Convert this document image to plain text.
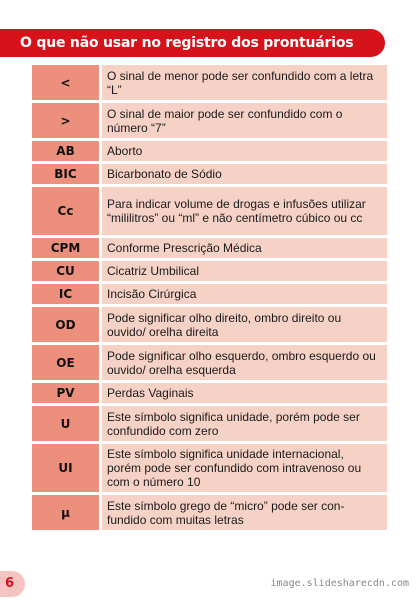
O que não usar no registro dos prontuários
<	O sinal de menor pode ser confundido com a letra “L”
>	O sinal de maior pode ser confundido com o número “7”
AB	Aborto
BIC	Bicarbonato de Sódio
Cc	Para indicar volume de drogas e infusões utilizar “mililitros” ou “ml” e não centímetro cúbico ou cc
CPM	Conforme Prescrição Médica
CU	Cicatriz Umbilical
IC	Incisão Cirúrgica
OD	Pode significar olho direito, ombro direito ou ouvido/ orelha direita
OE	Pode significar olho esquerdo, ombro esquerdo ou ouvido/ orelha esquerda
PV	Perdas Vaginais
U	Este símbolo significa unidade, porém pode ser confundido com zero
UI	Este símbolo significa unidade internacional, porém pode ser confundido com intravenoso ou com o número 10
µ	Este símbolo grego de “micro” pode ser con-fundido com muitas letras
6	image.slidesharecdn.com
